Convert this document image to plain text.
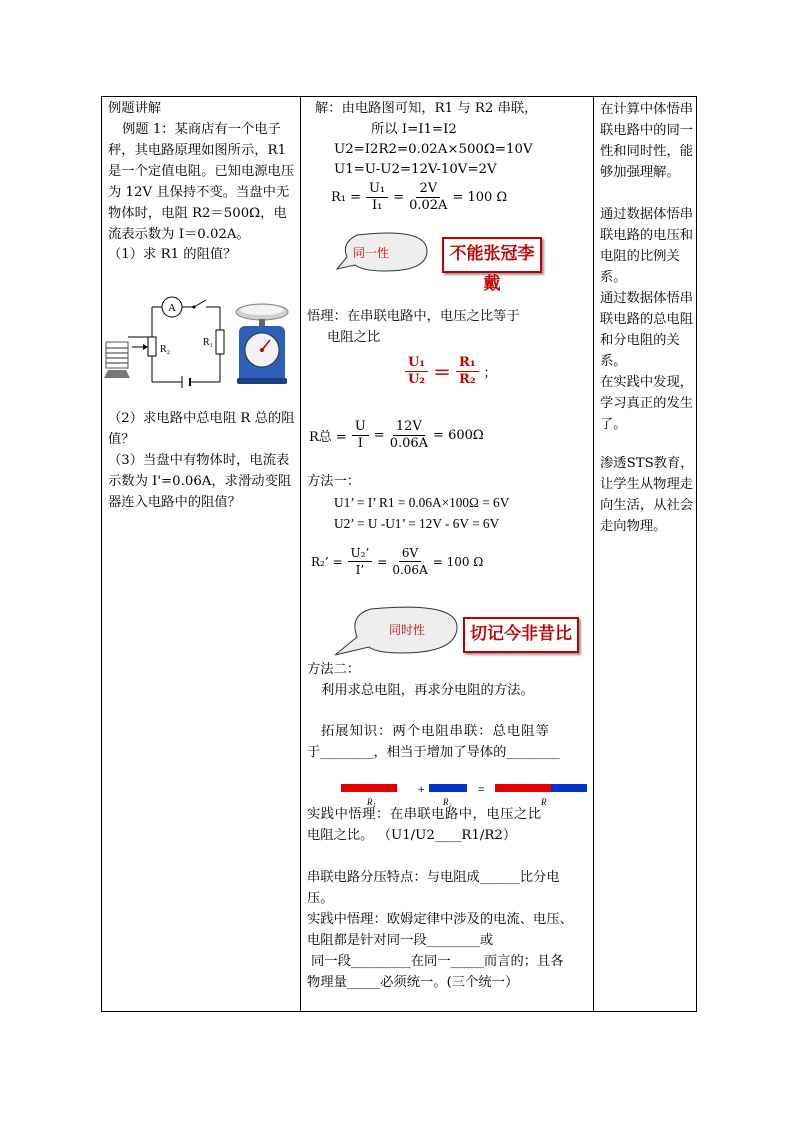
例题讲解
例题 1：某商店有一个电子秤，其电路原理如图所示，R1 是一个定值电阻。已知电源电压为 12V 且保持不变。当盘中无物体时，电阻 R2＝500Ω，电流表示数为 I＝0.02A。
（1）求 R1 的阻值？
A
R₂
R₁
（2）求电路中总电阻 R 总的阻值？
（3）当盘中有物体时，电流表示数为 I'=0.06A，求滑动变阻器连入电路中的阻值？
解：由电路图可知，R1 与 R2 串联，
所以 I=I1=I2
U2=I2R2=0.02A×500Ω=10V
U1=U-U2=12V-10V=2V
$R_1 = \frac{\text{U₁}}{\text{I₁}} = \frac{2V}{0.02A} = 100$ Ω
同一性	不能张冠李戴
悟理：在串联电路中，电压之比等于
电阻之比
$\frac{\text{U₁}}{\text{U₂}} = \frac{\text{R₁}}{\text{R₂}}$ ；
R总 = $\frac{U}{I} = \frac{12V}{0.06A} = 600\Omega$
方法一：
U1’ = I’ R1 = 0.06A×100Ω = 6V
U2’ = U -U1’ = 12V - 6V = 6V
R₂’ = $\frac{\text{U₂’}}{I’} = \frac{6V}{0.06A} = 100$ Ω
同时性	切记今非昔比
方法二：
利用求总电阻，再求分电阻的方法。
拓展知识：两个电阻串联：总电阻等
于________，相当于增加了导体的________
+	=
R₁	R₂	R
实践中悟理：在串联电路中，电压之比
电阻之比。 （U1/U2____R1/R2）
串联电路分压特点：与电阻成______比分电
压。
实践中悟理：欧姆定律中涉及的电流、电压、
电阻都是针对同一段________或
同一段_________在同一_____而言的；且各
物理量_____必须统一。(三个统一）
在计算中体悟串联电路中的同一性和同时性，能够加强理解。
通过数据体悟串联电路的电压和电阻的比例关系。
通过数据体悟串联电路的总电阻和分电阻的关系。
在实践中发现，学习真正的发生了。
渗透STS教育，让学生从物理走向生活，从社会走向物理。
